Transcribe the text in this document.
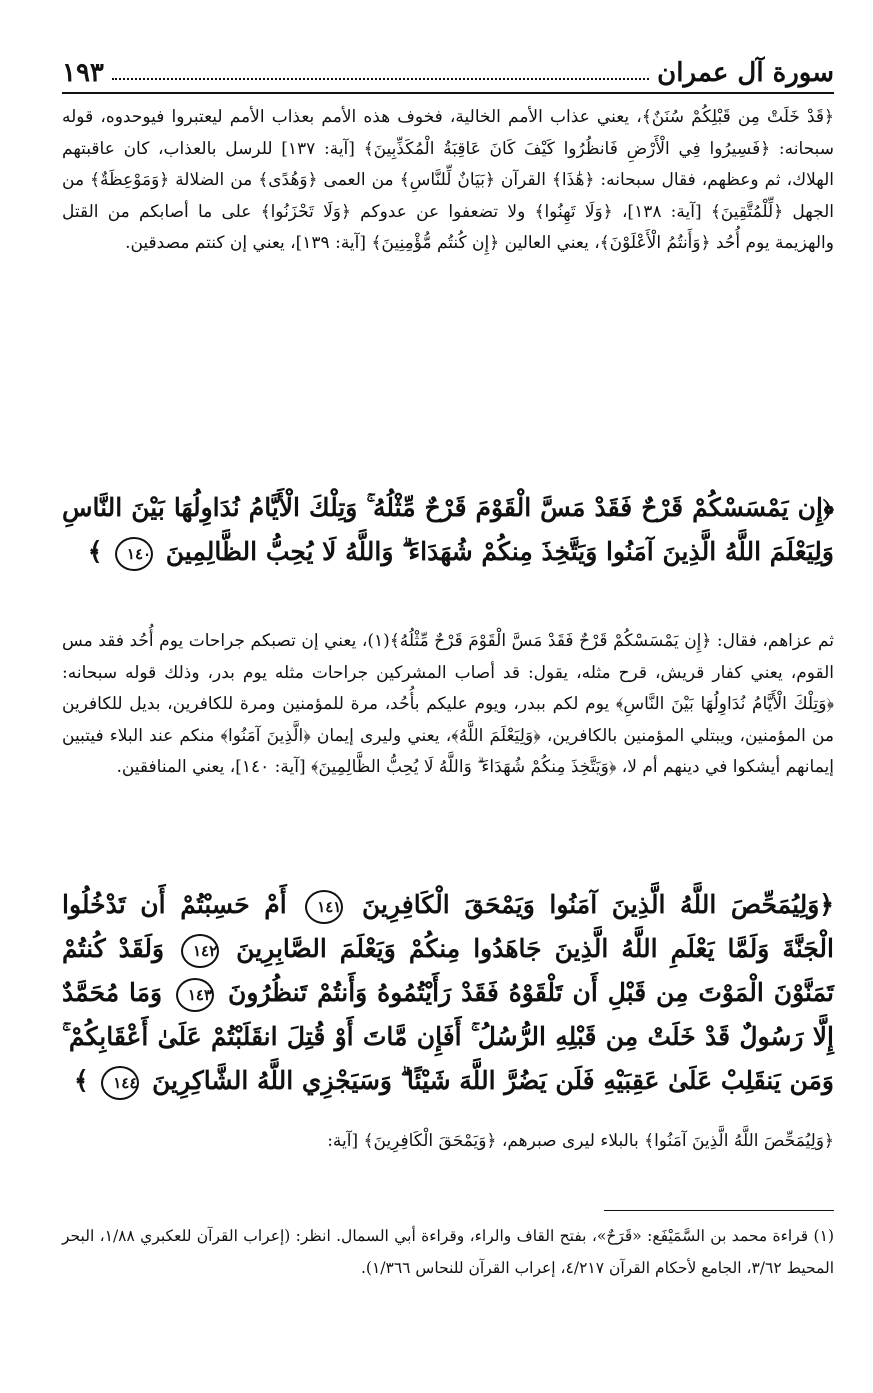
سورة آل عمران
١٩٣
﴿قَدْ خَلَتْ مِن قَبْلِكُمْ سُنَنٌ﴾، يعني عذاب الأمم الخالية، فخوف هذه الأمم بعذاب الأمم ليعتبروا فيوحدوه، قوله سبحانه: ﴿فَسِيرُوا فِي الْأَرْضِ فَانظُرُوا كَيْفَ كَانَ عَاقِبَةُ الْمُكَذِّبِينَ﴾ [آية: ١٣٧] للرسل بالعذاب، كان عاقبتهم الهلاك، ثم وعظهم، فقال سبحانه: ﴿هَٰذَا﴾ القرآن ﴿بَيَانٌ لِّلنَّاسِ﴾ من العمى ﴿وَهُدًى﴾ من الضلالة ﴿وَمَوْعِظَةٌ﴾ من الجهل ﴿لِّلْمُتَّقِينَ﴾ [آية: ١٣٨]، ﴿وَلَا تَهِنُوا﴾ ولا تضعفوا عن عدوكم ﴿وَلَا تَحْزَنُوا﴾ على ما أصابكم من القتل والهزيمة يوم أُحُد ﴿وَأَنتُمُ الْأَعْلَوْنَ﴾، يعني العالين ﴿إِن كُنتُم مُّؤْمِنِينَ﴾ [آية: ١٣٩]، يعني إن كنتم مصدقين.
﴿إِن يَمْسَسْكُمْ قَرْحٌ فَقَدْ مَسَّ الْقَوْمَ قَرْحٌ مِّثْلُهُ ۚ وَتِلْكَ الْأَيَّامُ نُدَاوِلُهَا بَيْنَ النَّاسِ وَلِيَعْلَمَ اللَّهُ الَّذِينَ آمَنُوا وَيَتَّخِذَ مِنكُمْ شُهَدَاءَ ۗ وَاللَّهُ لَا يُحِبُّ الظَّالِمِينَ ١٤٠ ﴾
ثم عزاهم، فقال: ﴿إِن يَمْسَسْكُمْ قَرْحٌ فَقَدْ مَسَّ الْقَوْمَ قَرْحٌ مِّثْلُهُ﴾(١)، يعني إن تصبكم جراحات يوم أُحُد فقد مس القوم، يعني كفار قريش، قرح مثله، يقول: قد أصاب المشركين جراحات مثله يوم بدر، وذلك قوله سبحانه: ﴿وَتِلْكَ الْأَيَّامُ نُدَاوِلُهَا بَيْنَ النَّاسِ﴾ يوم لكم ببدر، ويوم عليكم بأُحُد، مرة للمؤمنين ومرة للكافرين، بديل للكافرين من المؤمنين، ويبتلي المؤمنين بالكافرين، ﴿وَلِيَعْلَمَ اللَّهُ﴾، يعني وليرى إيمان ﴿الَّذِينَ آمَنُوا﴾ منكم عند البلاء فيتبين إيمانهم أيشكوا في دينهم أم لا، ﴿وَيَتَّخِذَ مِنكُمْ شُهَدَاءَ ۗ وَاللَّهُ لَا يُحِبُّ الظَّالِمِينَ﴾ [آية: ١٤٠]، يعني المنافقين.
﴿وَلِيُمَحِّصَ اللَّهُ الَّذِينَ آمَنُوا وَيَمْحَقَ الْكَافِرِينَ ١٤١ أَمْ حَسِبْتُمْ أَن تَدْخُلُوا الْجَنَّةَ وَلَمَّا يَعْلَمِ اللَّهُ الَّذِينَ جَاهَدُوا مِنكُمْ وَيَعْلَمَ الصَّابِرِينَ ١٤٢ وَلَقَدْ كُنتُمْ تَمَنَّوْنَ الْمَوْتَ مِن قَبْلِ أَن تَلْقَوْهُ فَقَدْ رَأَيْتُمُوهُ وَأَنتُمْ تَنظُرُونَ ١٤٣ وَمَا مُحَمَّدٌ إِلَّا رَسُولٌ قَدْ خَلَتْ مِن قَبْلِهِ الرُّسُلُ ۚ أَفَإِن مَّاتَ أَوْ قُتِلَ انقَلَبْتُمْ عَلَىٰ أَعْقَابِكُمْ ۚ وَمَن يَنقَلِبْ عَلَىٰ عَقِبَيْهِ فَلَن يَضُرَّ اللَّهَ شَيْئًا ۗ وَسَيَجْزِي اللَّهُ الشَّاكِرِينَ ١٤٤ ﴾
﴿وَلِيُمَحِّصَ اللَّهُ الَّذِينَ آمَنُوا﴾ بالبلاء ليرى صبرهم، ﴿وَيَمْحَقَ الْكَافِرِينَ﴾ [آية:
(١) قراءة محمد بن السَّمَيْفَع: «قَرَحٌ»، بفتح القاف والراء، وقراءة أبي السمال. انظر: (إعراب القرآن للعكبري ١/٨٨، البحر المحيط ٣/٦٢، الجامع لأحكام القرآن ٤/٢١٧، إعراب القرآن للنحاس ١/٣٦٦).
